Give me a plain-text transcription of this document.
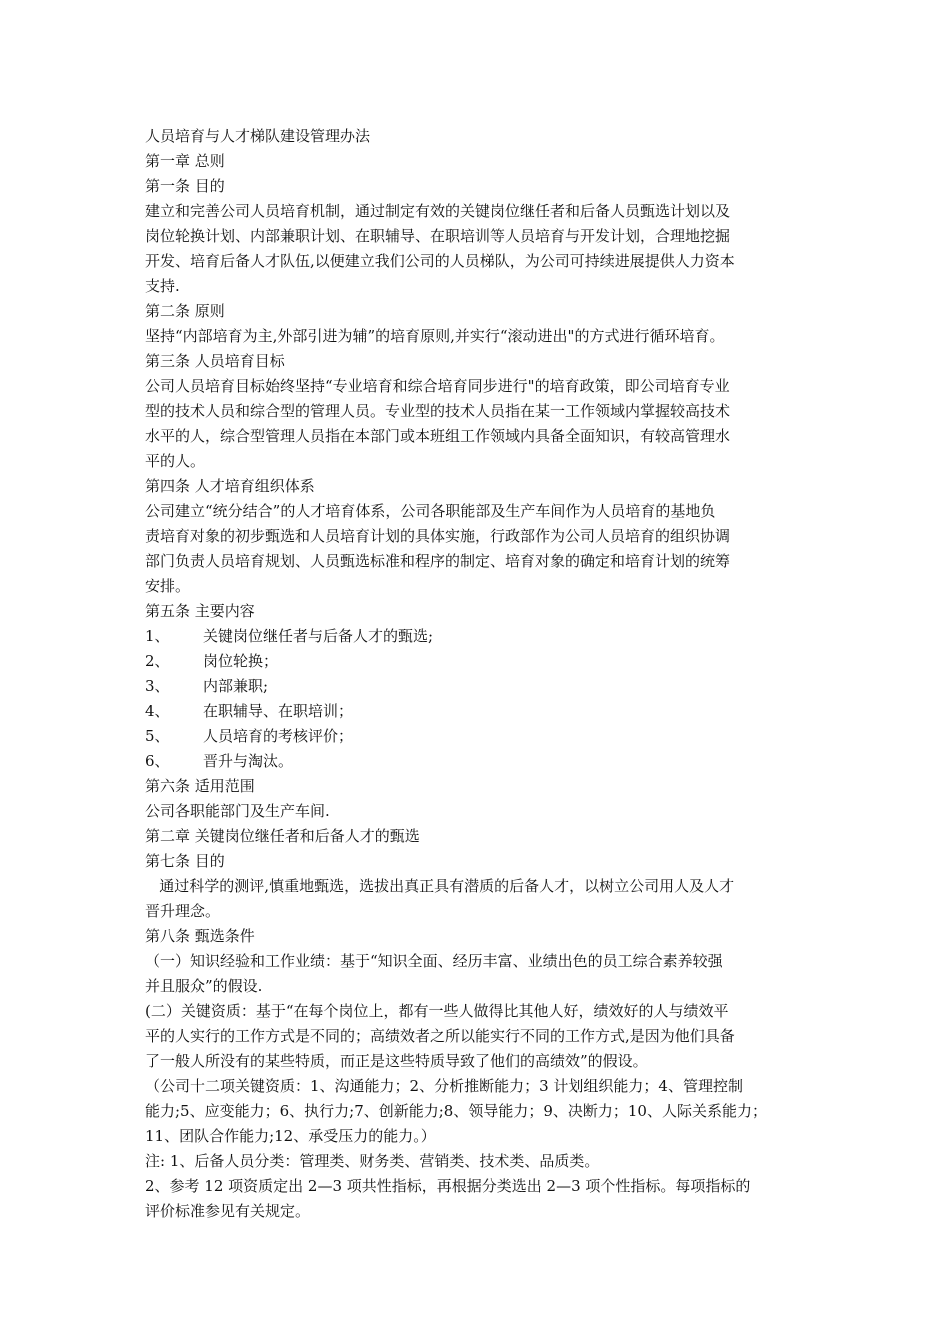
人员培育与人才梯队建设管理办法
第一章 总则
第一条 目的
建立和完善公司人员培育机制，通过制定有效的关键岗位继任者和后备人员甄选计划以及
岗位轮换计划、内部兼职计划、在职辅导、在职培训等人员培育与开发计划，合理地挖掘
开发、培育后备人才队伍,以便建立我们公司的人员梯队，为公司可持续进展提供人力资本
支持.
第二条 原则
坚持“内部培育为主,外部引进为辅”的培育原则,并实行“滚动进出"的方式进行循环培育。
第三条 人员培育目标
公司人员培育目标始终坚持“专业培育和综合培育同步进行"的培育政策，即公司培育专业
型的技术人员和综合型的管理人员。专业型的技术人员指在某一工作领域内掌握较高技术
水平的人，综合型管理人员指在本部门或本班组工作领域内具备全面知识，有较高管理水
平的人。
第四条 人才培育组织体系
公司建立“统分结合”的人才培育体系，公司各职能部及生产车间作为人员培育的基地负
责培育对象的初步甄选和人员培育计划的具体实施，行政部作为公司人员培育的组织协调
部门负责人员培育规划、人员甄选标准和程序的制定、培育对象的确定和培育计划的统筹
安排。
第五条 主要内容
1、	关键岗位继任者与后备人才的甄选;
2、	岗位轮换；
3、	内部兼职;
4、	在职辅导、在职培训；
5、	人员培育的考核评价；
6、	晋升与淘汰。
第六条 适用范围
公司各职能部门及生产车间.
第二章 关键岗位继任者和后备人才的甄选
第七条 目的
通过科学的测评,慎重地甄选，选拔出真正具有潜质的后备人才，以树立公司用人及人才
晋升理念。
第八条 甄选条件
（一）知识经验和工作业绩：基于“知识全面、经历丰富、业绩出色的员工综合素养较强
并且服众”的假设.
(二）关键资质：基于“在每个岗位上，都有一些人做得比其他人好，绩效好的人与绩效平
平的人实行的工作方式是不同的；高绩效者之所以能实行不同的工作方式,是因为他们具备
了一般人所没有的某些特质，而正是这些特质导致了他们的高绩效”的假设。
（公司十二项关键资质：1、沟通能力；2、分析推断能力；3 计划组织能力；4、管理控制
能力;5、应变能力；6、执行力;7、创新能力;8、领导能力；9、决断力；10、人际关系能力；
11、团队合作能力;12、承受压力的能力。）
注: 1、后备人员分类：管理类、财务类、营销类、技术类、品质类。
2、参考 12 项资质定出 2—3 项共性指标，再根据分类选出 2—3 项个性指标。每项指标的
评价标准参见有关规定。
